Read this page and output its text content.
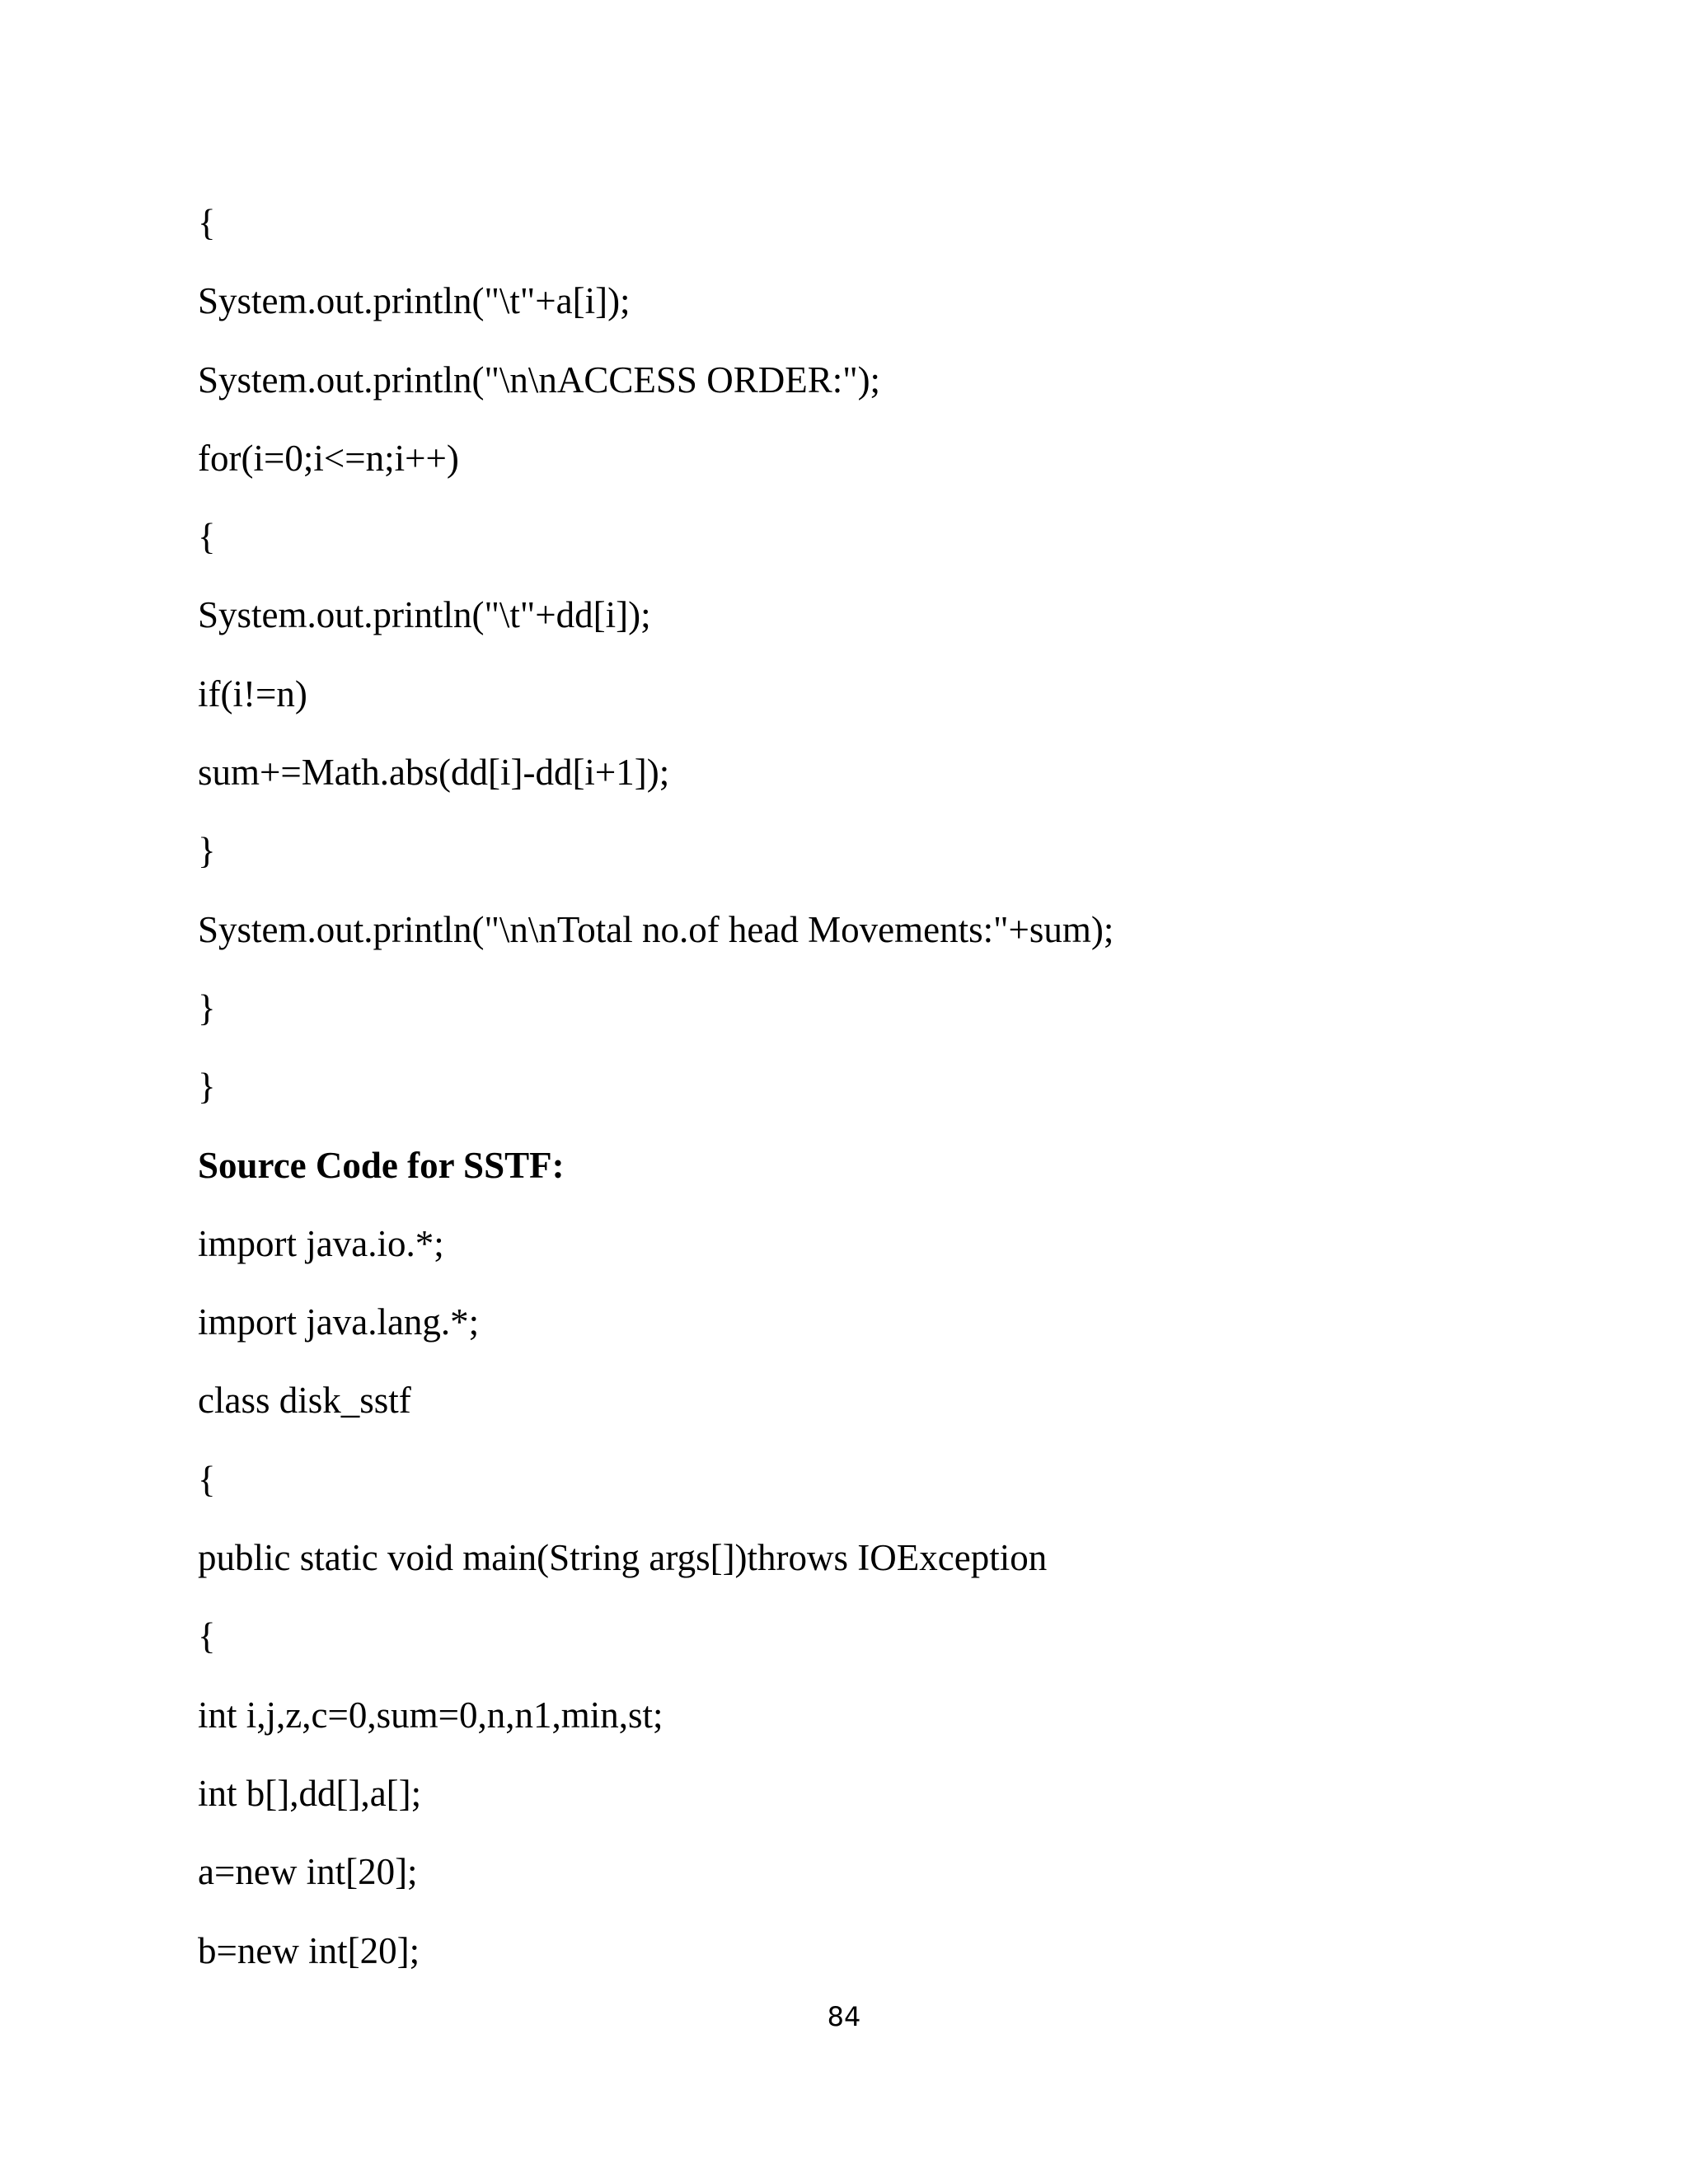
{

System.out.println("\t"+a[i]);

System.out.println("\n\nACCESS ORDER:");

for(i=0;i<=n;i++)

{

System.out.println("\t"+dd[i]);

if(i!=n)

sum+=Math.abs(dd[i]-dd[i+1]);

}

System.out.println("\n\nTotal no.of head Movements:"+sum);

}

}

Source Code for SSTF:

import java.io.*;

import java.lang.*;

class disk_sstf

{

public static void main(String args[])throws IOException

{

int i,j,z,c=0,sum=0,n,n1,min,st;

int b[],dd[],a[];

a=new int[20];

b=new int[20];

84
